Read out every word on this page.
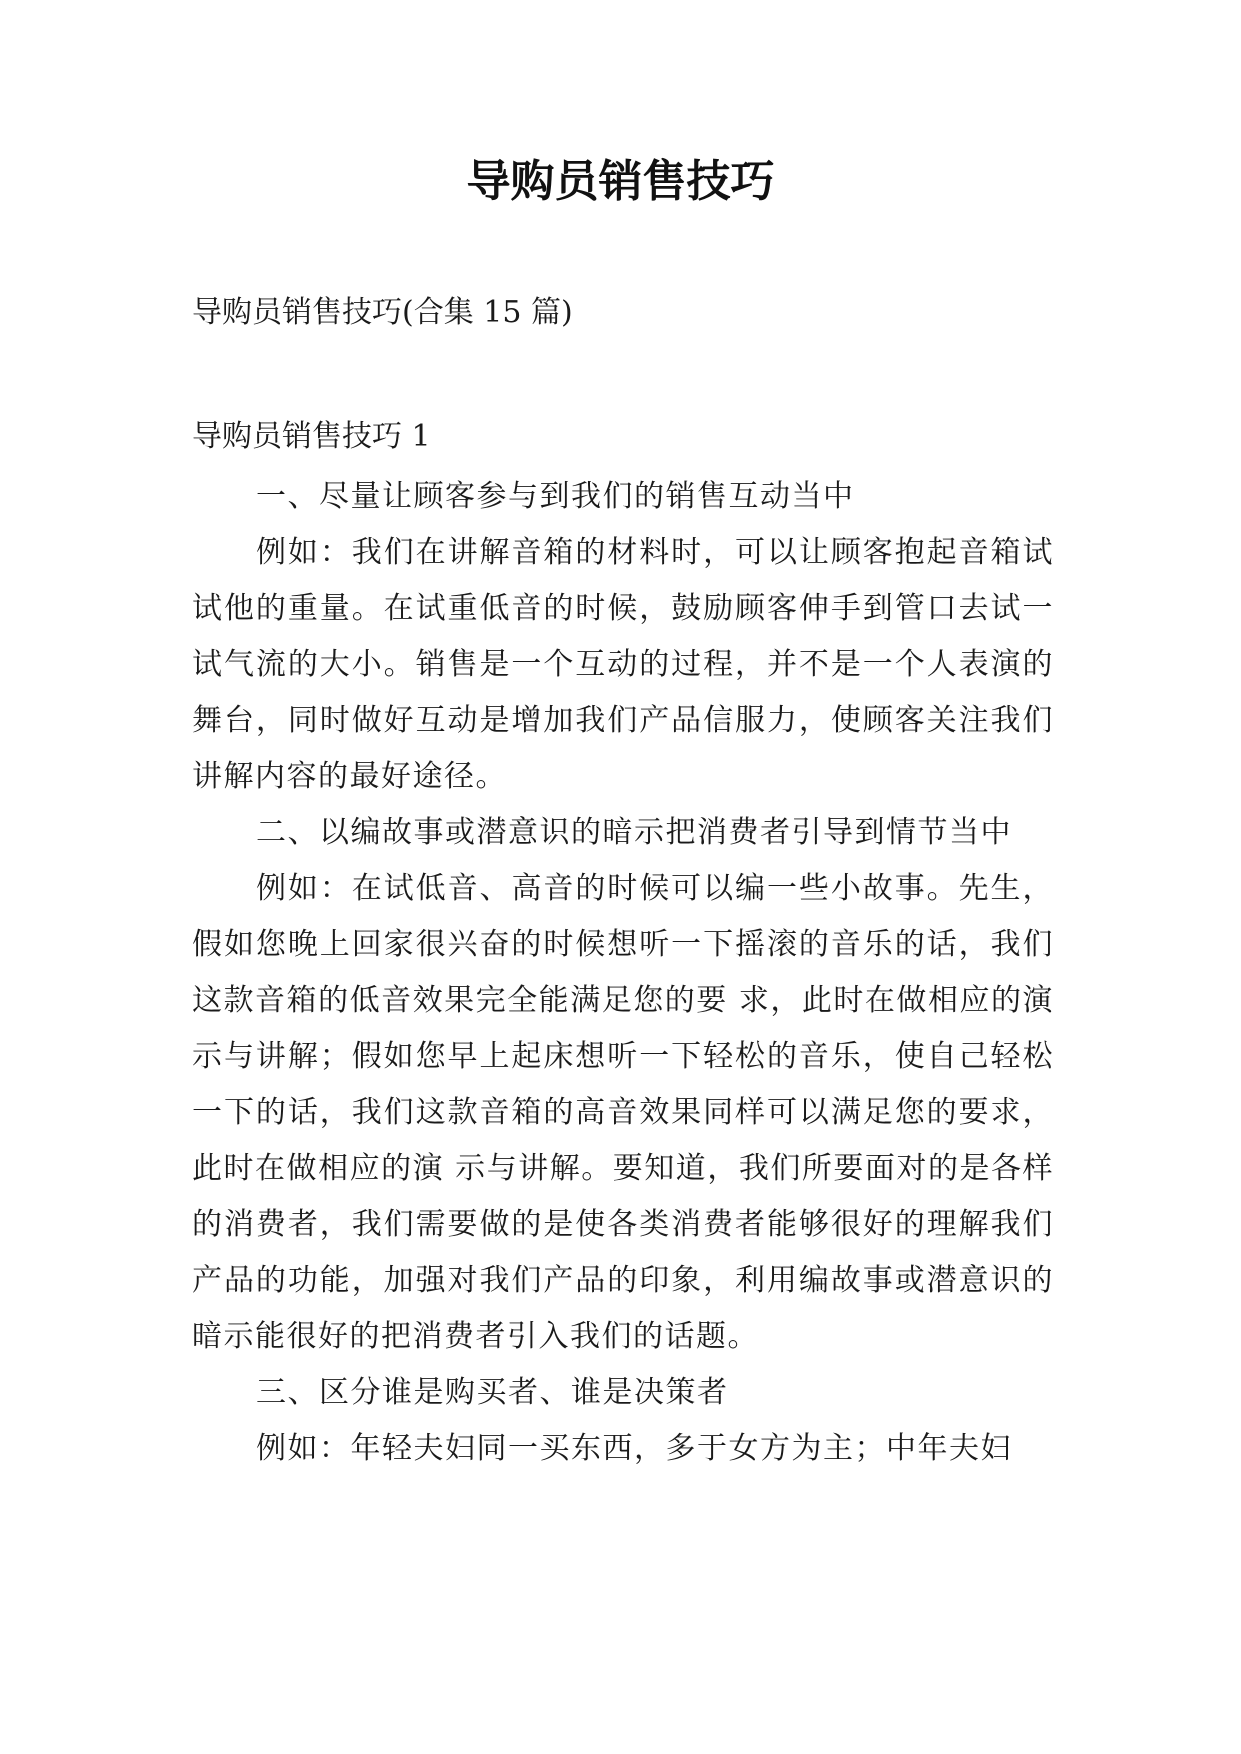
导购员销售技巧

导购员销售技巧(合集 15 篇)

导购员销售技巧 1

一、尽量让顾客参与到我们的销售互动当中

例如：我们在讲解音箱的材料时，可以让顾客抱起音箱试试他的重量。在试重低音的时候，鼓励顾客伸手到管口去试一试气流的大小。销售是一个互动的过程，并不是一个人表演的舞台，同时做好互动是增加我们产品信服力，使顾客关注我们讲解内容的最好途径。

二、以编故事或潜意识的暗示把消费者引导到情节当中

例如：在试低音、高音的时候可以编一些小故事。先生，假如您晚上回家很兴奋的时候想听一下摇滚的音乐的话，我们这款音箱的低音效果完全能满足您的要 求，此时在做相应的演示与讲解；假如您早上起床想听一下轻松的音乐，使自己轻松一下的话，我们这款音箱的高音效果同样可以满足您的要求，此时在做相应的演 示与讲解。要知道，我们所要面对的是各样的消费者，我们需要做的是使各类消费者能够很好的理解我们产品的功能，加强对我们产品的印象，利用编故事或潜意识的暗示能很好的把消费者引入我们的话题。

三、区分谁是购买者、谁是决策者

例如：年轻夫妇同一买东西，多于女方为主；中年夫妇
